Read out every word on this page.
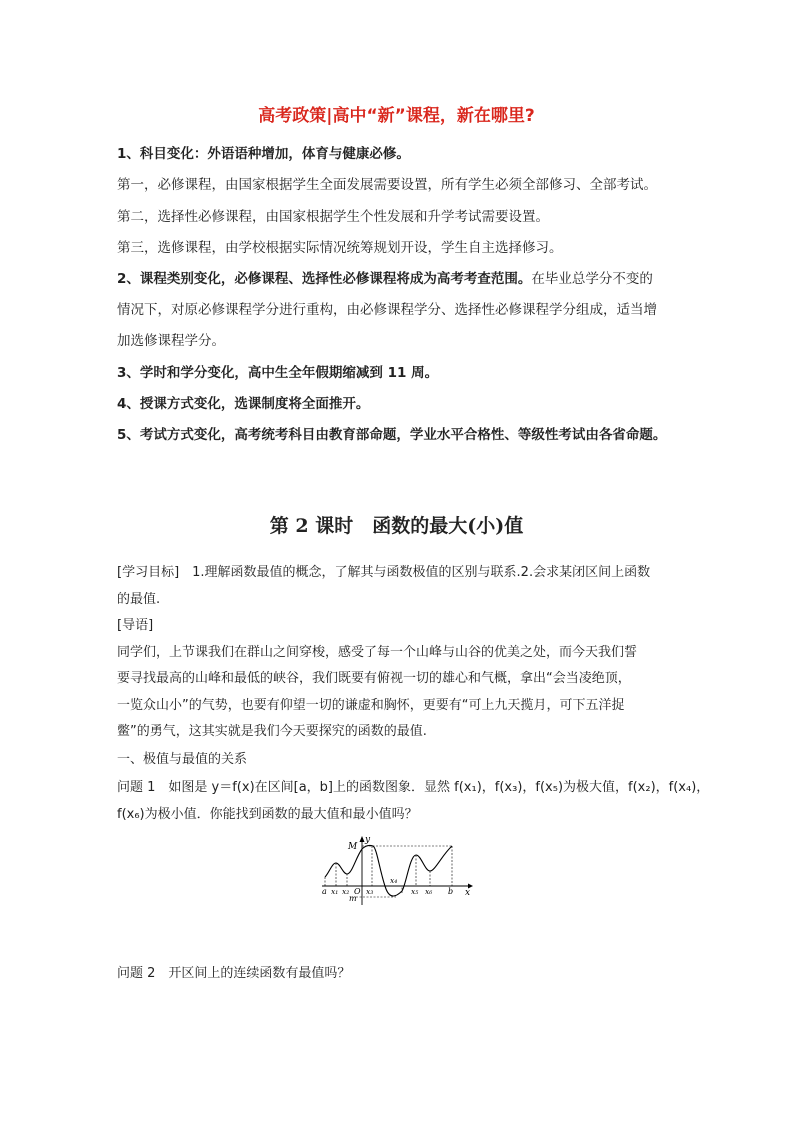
高考政策|高中“新”课程，新在哪里?
1、科目变化：外语语种增加，体育与健康必修。
第一，必修课程，由国家根据学生全面发展需要设置，所有学生必须全部修习、全部考试。
第二，选择性必修课程，由国家根据学生个性发展和升学考试需要设置。
第三，选修课程，由学校根据实际情况统筹规划开设，学生自主选择修习。
2、课程类别变化，必修课程、选择性必修课程将成为高考考查范围。在毕业总学分不变的
情况下，对原必修课程学分进行重构，由必修课程学分、选择性必修课程学分组成，适当增
加选修课程学分。
3、学时和学分变化，高中生全年假期缩减到 11 周。
4、授课方式变化，选课制度将全面推开。
5、考试方式变化，高考统考科目由教育部命题，学业水平合格性、等级性考试由各省命题。
第 2 课时　函数的最大(小)值
[学习目标]　1.理解函数最值的概念，了解其与函数极值的区别与联系.2.会求某闭区间上函数
的最值.
[导语]
同学们，上节课我们在群山之间穿梭，感受了每一个山峰与山谷的优美之处，而今天我们誓
要寻找最高的山峰和最低的峡谷，我们既要有俯视一切的雄心和气概，拿出“会当凌绝顶，
一览众山小”的气势，也要有仰望一切的谦虚和胸怀，更要有“可上九天揽月，可下五洋捉
鳖”的勇气，这其实就是我们今天要探究的函数的最值.
一、极值与最值的关系
问题 1　如图是 y＝f(x)在区间[a，b]上的函数图象．显然 f(x₁)，f(x₃)，f(x₅)为极大值，f(x₂)，f(x₄)，
f(x₆)为极小值．你能找到函数的最大值和最小值吗？
M
y
x
a x₁ x₂ O x₃
x₄
x₅ x₆ b
m
问题 2　开区间上的连续函数有最值吗？
